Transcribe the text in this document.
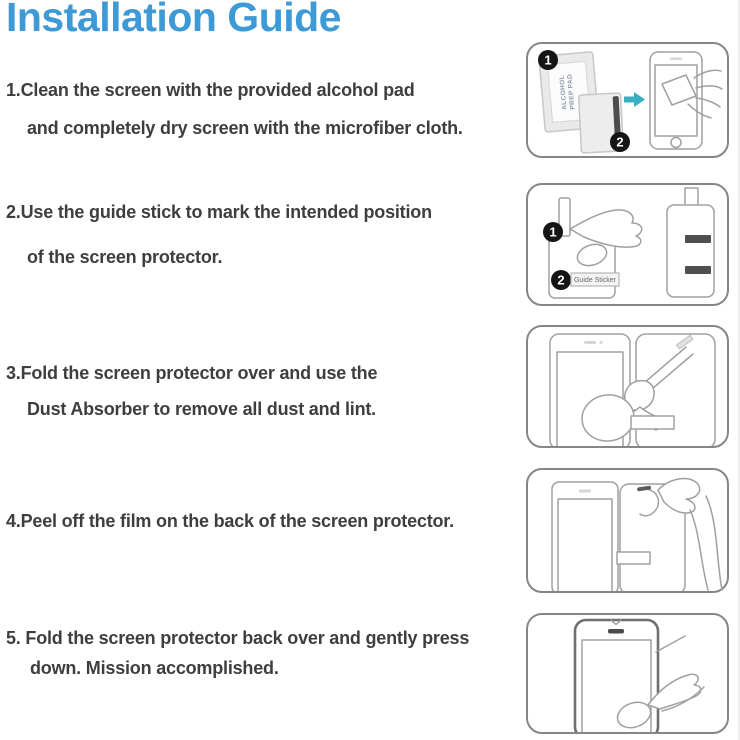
Installation Guide
1.Clean the screen with the provided alcohol pad
and completely dry screen with the microfiber cloth.
2.Use the guide stick to mark the intended position
of the screen protector.
3.Fold the screen protector over and use the
Dust Absorber to remove all dust and lint.
4.Peel off the film on the back of the screen protector.
5. Fold the screen protector back over and gently press
down. Mission accomplished.
ALCOHOL
PREP PAD
1
2
1
2 Guide Sticker
